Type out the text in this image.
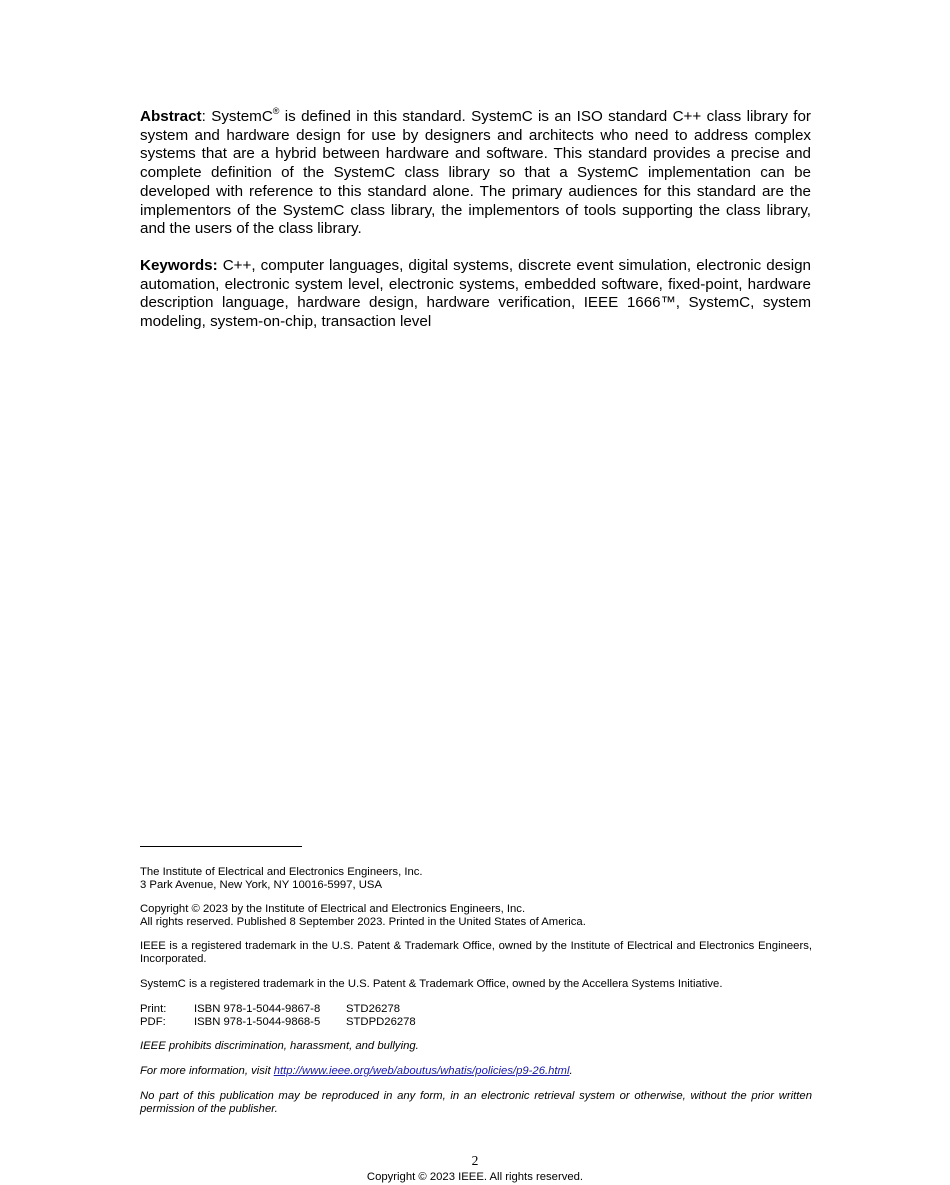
Abstract: SystemC® is defined in this standard. SystemC is an ISO standard C++ class library for system and hardware design for use by designers and architects who need to address complex systems that are a hybrid between hardware and software. This standard provides a precise and complete definition of the SystemC class library so that a SystemC implementation can be developed with reference to this standard alone. The primary audiences for this standard are the implementors of the SystemC class library, the implementors of tools supporting the class library, and the users of the class library.

Keywords: C++, computer languages, digital systems, discrete event simulation, electronic design automation, electronic system level, electronic systems, embedded software, fixed-point, hardware description language, hardware design, hardware verification, IEEE 1666™, SystemC, system modeling, system-on-chip, transaction level

The Institute of Electrical and Electronics Engineers, Inc.
3 Park Avenue, New York, NY 10016-5997, USA
Copyright © 2023 by the Institute of Electrical and Electronics Engineers, Inc.
All rights reserved. Published 8 September 2023. Printed in the United States of America.

IEEE is a registered trademark in the U.S. Patent & Trademark Office, owned by the Institute of Electrical and Electronics Engineers, Incorporated.

SystemC is a registered trademark in the U.S. Patent & Trademark Office, owned by the Accellera Systems Initiative.

Print:	ISBN 978-1-5044-9867-8	STD26278
PDF:	ISBN 978-1-5044-9868-5	STDPD26278

IEEE prohibits discrimination, harassment, and bullying.

For more information, visit http://www.ieee.org/web/aboutus/whatis/policies/p9-26.html.

No part of this publication may be reproduced in any form, in an electronic retrieval system or otherwise, without the prior written permission of the publisher.

2

Copyright © 2023 IEEE. All rights reserved.
